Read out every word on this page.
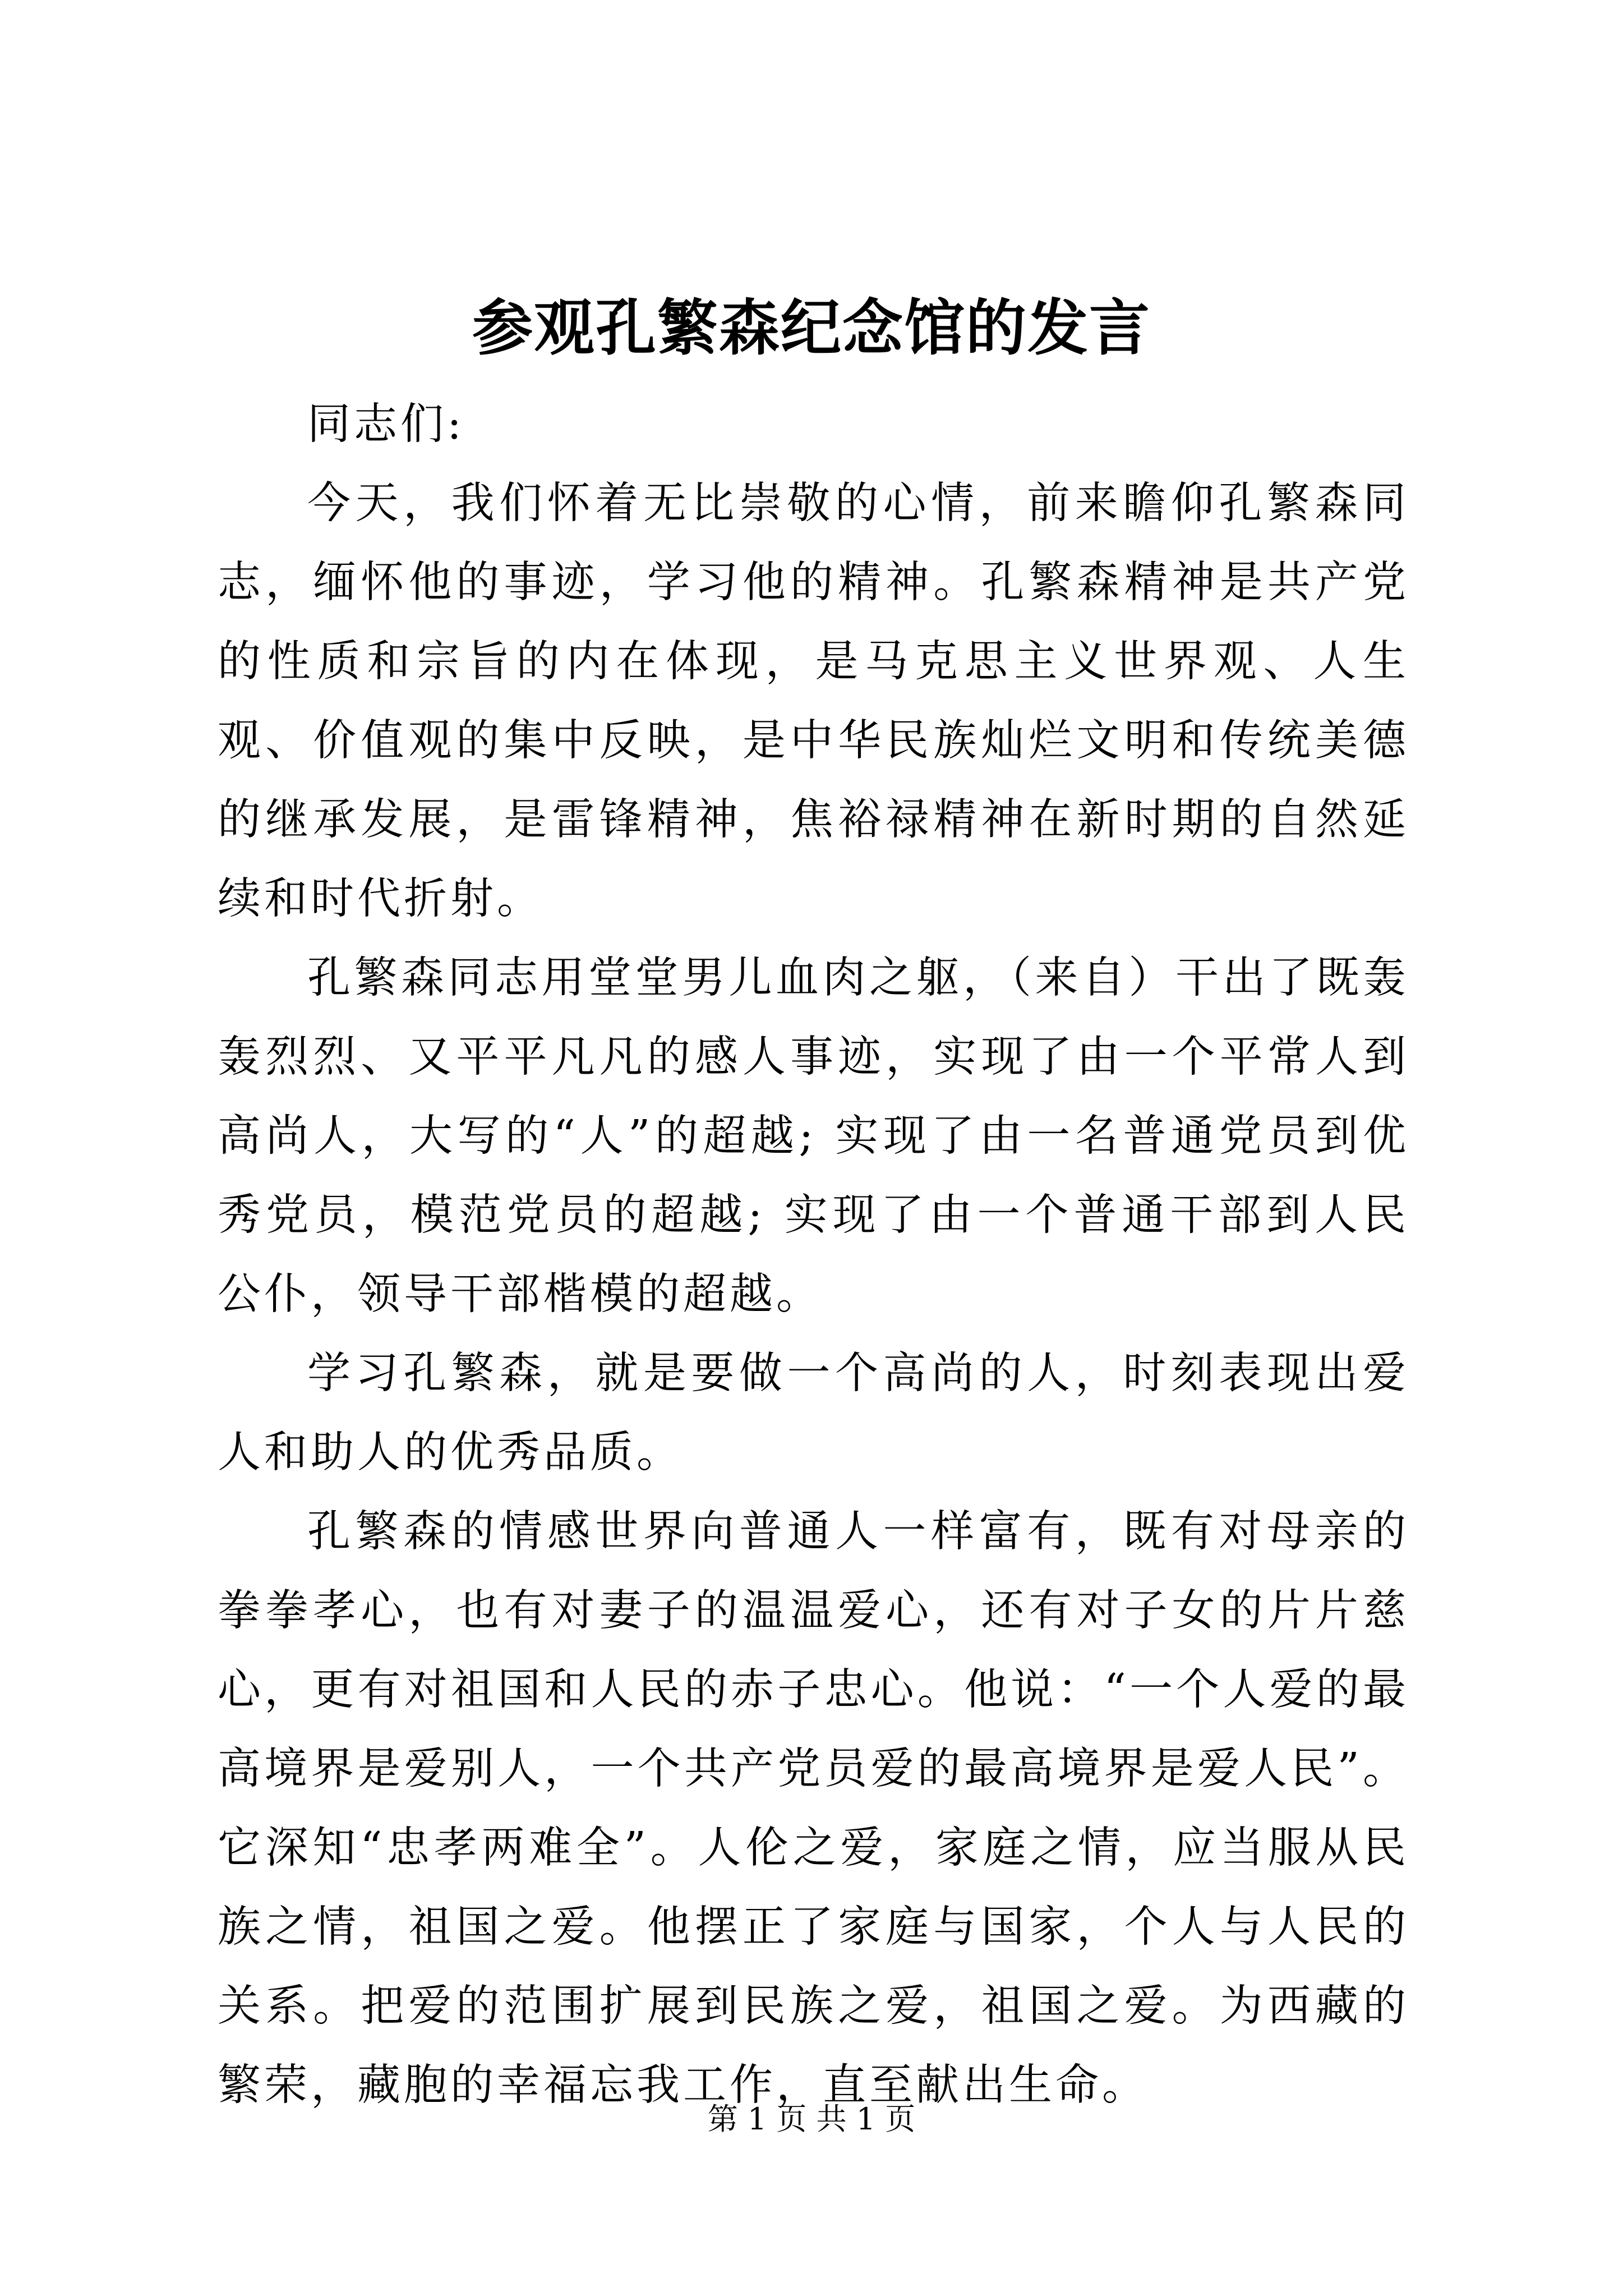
参观孔繁森纪念馆的发言

同志们:

今天，我们怀着无比崇敬的心情，前来瞻仰孔繁森同志，缅怀他的事迹，学习他的精神。孔繁森精神是共产党的性质和宗旨的内在体现，是马克思主义世界观、人生观、价值观的集中反映，是中华民族灿烂文明和传统美德的继承发展，是雷锋精神，焦裕禄精神在新时期的自然延续和时代折射。

孔繁森同志用堂堂男儿血肉之躯，（来自）干出了既轰轰烈烈、又平平凡凡的感人事迹，实现了由一个平常人到高尚人，大写的“人”的超越; 实现了由一名普通党员到优秀党员，模范党员的超越; 实现了由一个普通干部到人民公仆，领导干部楷模的超越。

学习孔繁森，就是要做一个高尚的人，时刻表现出爱人和助人的优秀品质。

孔繁森的情感世界向普通人一样富有，既有对母亲的拳拳孝心，也有对妻子的温温爱心，还有对子女的片片慈心，更有对祖国和人民的赤子忠心。他说：“一个人爱的最高境界是爱别人，一个共产党员爱的最高境界是爱人民”。它深知“忠孝两难全”。人伦之爱，家庭之情，应当服从民族之情，祖国之爱。他摆正了家庭与国家，个人与人民的关系。把爱的范围扩展到民族之爱，祖国之爱。为西藏的繁荣，藏胞的幸福忘我工作，直至献出生命。

第 1 页 共 1 页
